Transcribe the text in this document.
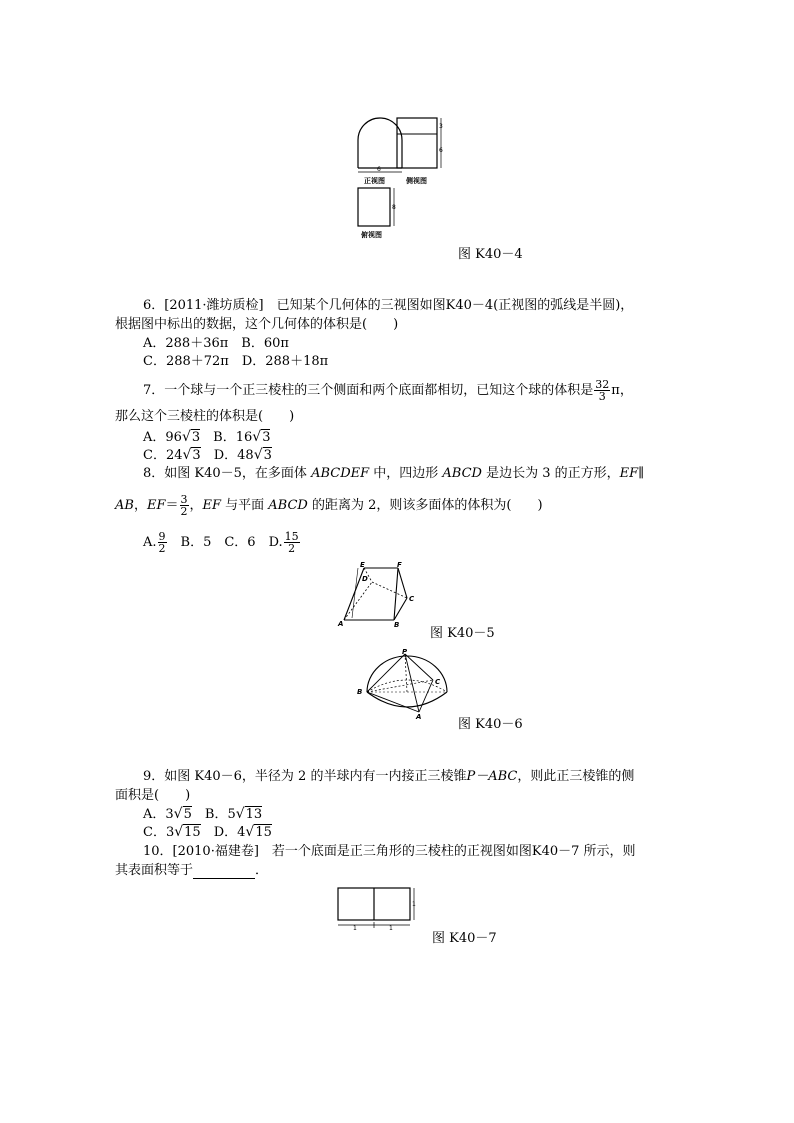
6
正视图
3
6
侧视图
8
俯视图
图 K40－4
6．[2011·潍坊质检]　已知某个几何体的三视图如图K40－4(正视图的弧线是半圆)，
根据图中标出的数据，这个几何体的体积是(　　)
A．288＋36π　B．60π
C．288＋72π　D．288＋18π
7．一个球与一个正三棱柱的三个侧面和两个底面都相切，已知这个球的体积是 $\frac{32}{3}$ π，
那么这个三棱柱的体积是(　　)
A．96√3　 B．16√3
C．24√3　 D．48√3
8．如图 K40－5，在多面体 ABCDEF 中，四边形 ABCD 是边长为 3 的正方形，EF∥
AB，$EF= \frac{3}{2}$ ，EF 与平面 ABCD 的距离为 2，则该多面体的体积为(　　)
A. $\frac{9}{2}$ 　B．5　C．6　D. $\frac{15}{2}$
E	F
D
C
A	B
图 K40－5
P
C
B
A	图 K40－6
9．如图 K40－6，半径为 2 的半球内有一内接正三棱锥P－ABC，则此正三棱锥的侧
面积是(　　)
A．3√5　 B．5√13
C．3√15　 D．4√15
10．[2010·福建卷]　若一个底面是正三角形的三棱柱的正视图如图K40－7 所示，则
其表面积等于	．
1	1
1
图 K40－7
